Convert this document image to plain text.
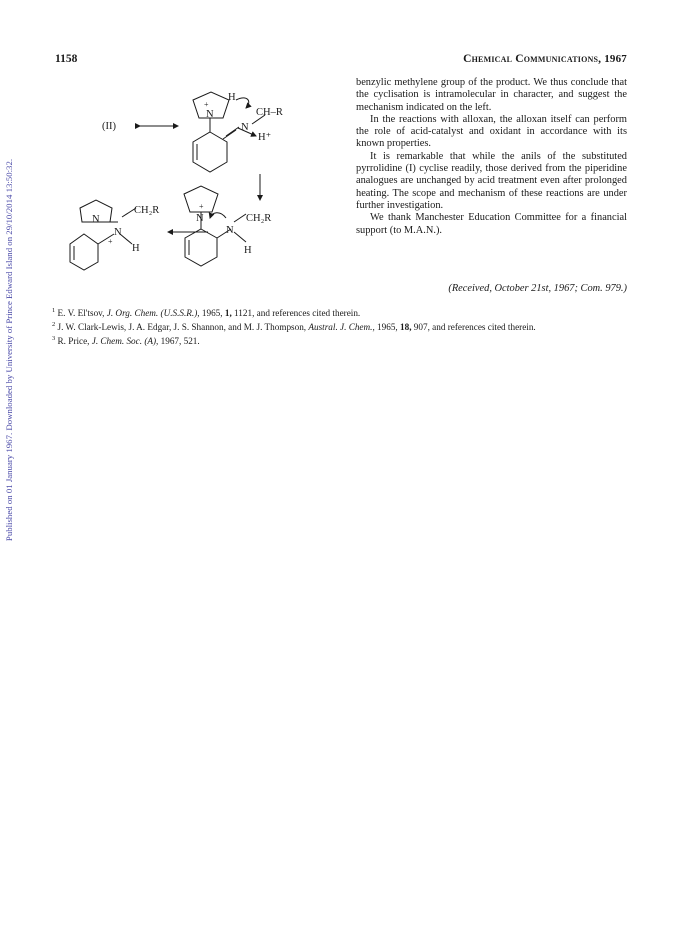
Published on 01 January 1967. Downloaded by University of Prince Edward Island on 29/10/2014 13:50:32.
1158	Chemical Communications, 1967
(II)
N
+
H
CH–R
N
H⁺
N
+
CH₂R
N
H
N
N
+
CH₂R
H

benzylic methylene group of the product. We thus conclude that the cyclisation is intramolecular in character, and suggest the mechanism indicated on the left.

In the reactions with alloxan, the alloxan itself can perform the role of acid-catalyst and oxidant in accordance with its known properties.

It is remarkable that while the anils of the substituted pyrrolidine (I) cyclise readily, those derived from the piperidine analogues are unchanged by acid treatment even after prolonged heating. The scope and mechanism of these reactions are under further investigation.

We thank Manchester Education Committee for a financial support (to M.A.N.).

(Received, October 21st, 1967; Com. 979.)

$^1$ E. V. El'tsov, J. Org. Chem. (U.S.S.R.), 1965, 1, 1121, and references cited therein.

$^2$ J. W. Clark-Lewis, J. A. Edgar, J. S. Shannon, and M. J. Thompson, Austral. J. Chem., 1965, 18, 907, and references cited therein.

$^3$ R. Price, J. Chem. Soc. (A), 1967, 521.
